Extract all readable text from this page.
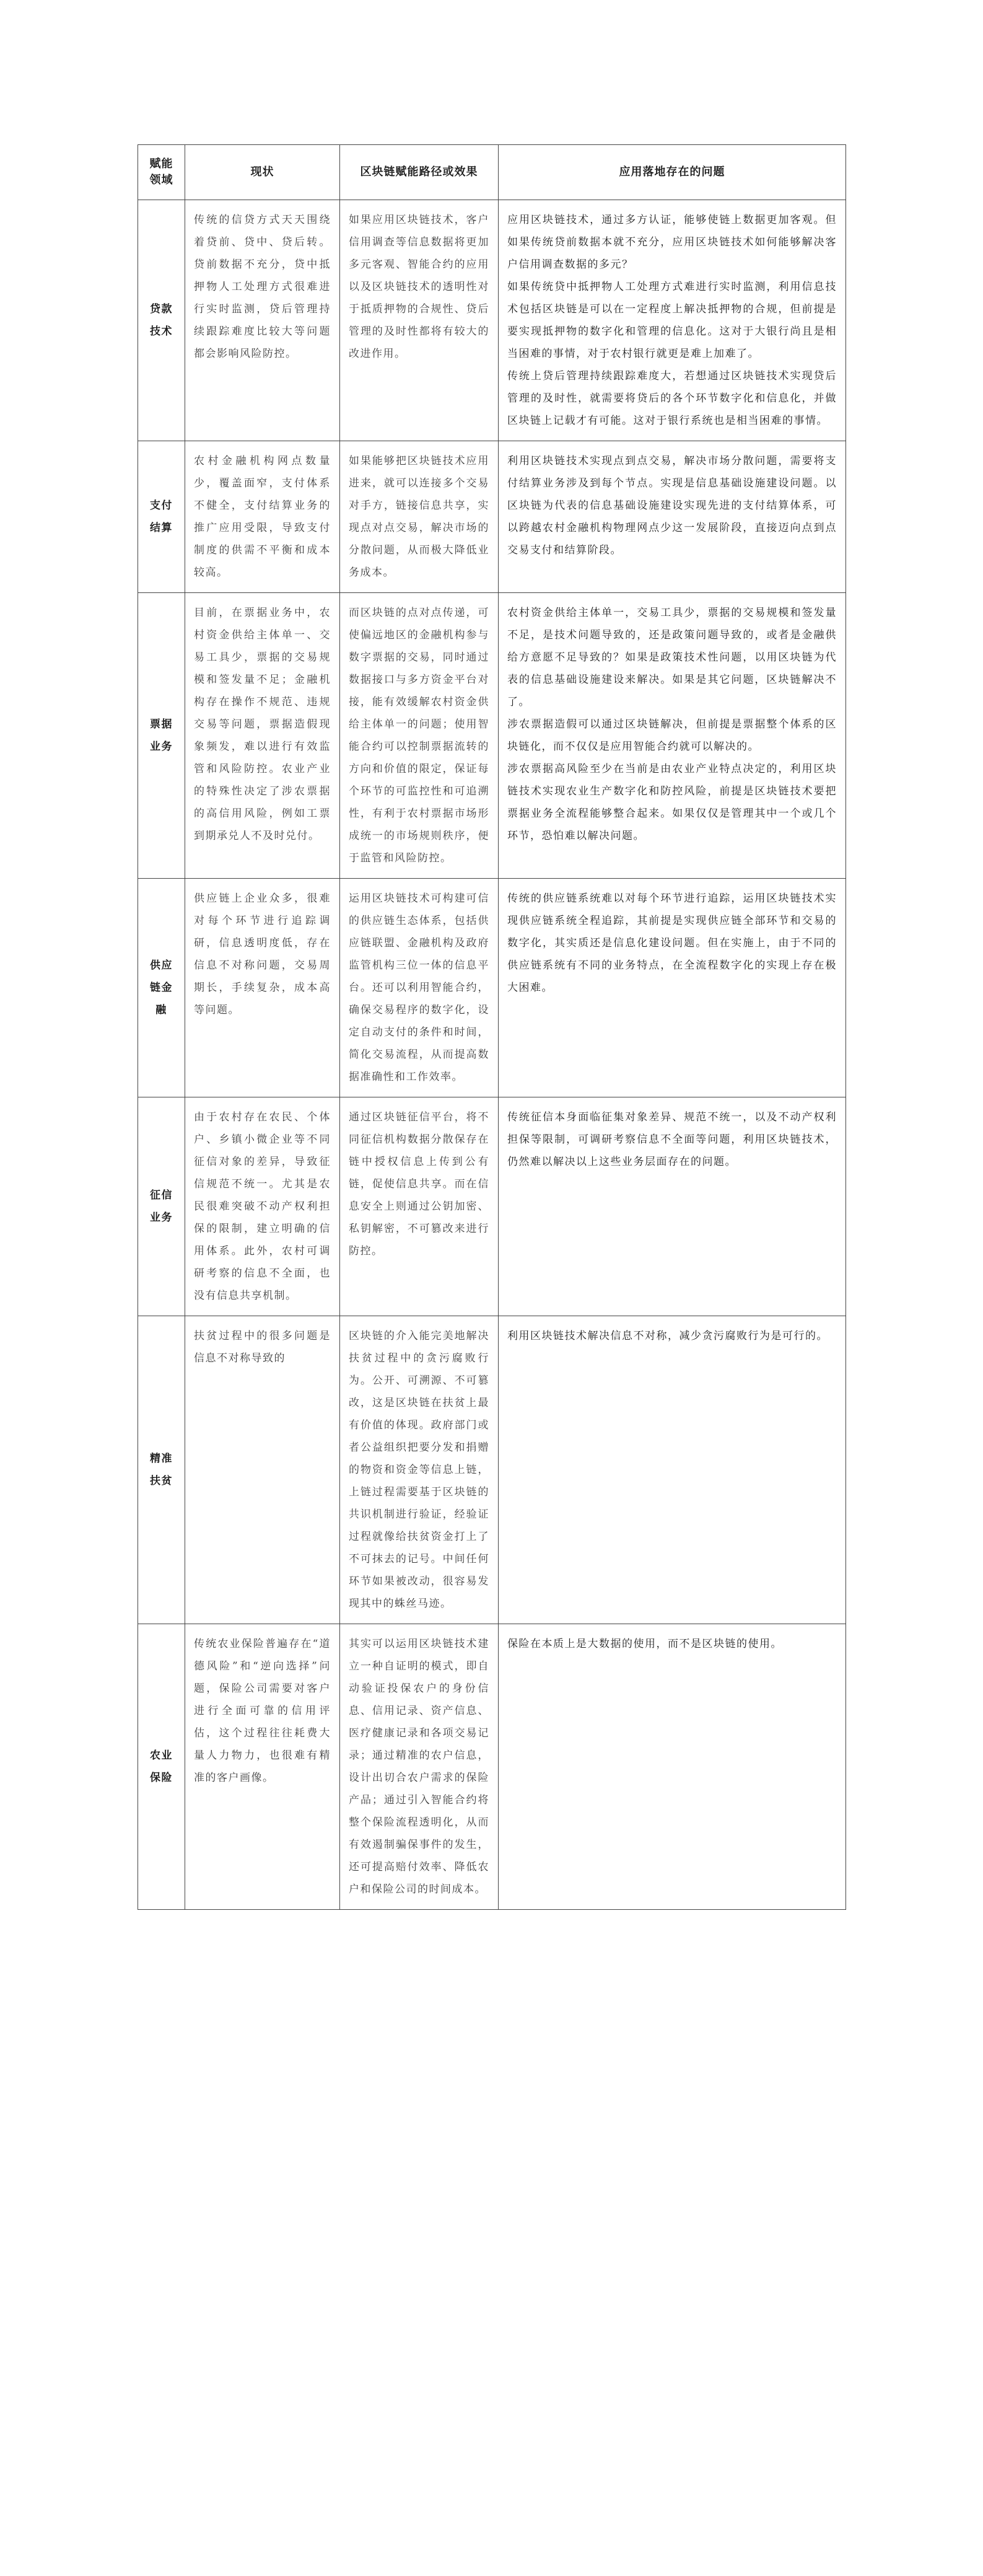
赋能领域	现状	区块链赋能路径或效果	应用落地存在的问题
贷款技术	传统的信贷方式天天围绕着贷前、贷中、贷后转。贷前数据不充分，贷中抵押物人工处理方式很难进行实时监测，贷后管理持续跟踪难度比较大等问题都会影响风险防控。	如果应用区块链技术，客户信用调查等信息数据将更加多元客观、智能合约的应用以及区块链技术的透明性对于抵质押物的合规性、贷后管理的及时性都将有较大的改进作用。	应用区块链技术，通过多方认证，能够使链上数据更加客观。但如果传统贷前数据本就不充分，应用区块链技术如何能够解决客户信用调查数据的多元？
如果传统贷中抵押物人工处理方式难进行实时监测，利用信息技术包括区块链是可以在一定程度上解决抵押物的合规，但前提是要实现抵押物的数字化和管理的信息化。这对于大银行尚且是相当困难的事情，对于农村银行就更是难上加难了。
传统上贷后管理持续跟踪难度大，若想通过区块链技术实现贷后管理的及时性，就需要将贷后的各个环节数字化和信息化，并做区块链上记载才有可能。这对于银行系统也是相当困难的事情。

支付结算	农村金融机构网点数量少，覆盖面窄，支付体系不健全，支付结算业务的推广应用受限，导致支付制度的供需不平衡和成本较高。	如果能够把区块链技术应用进来，就可以连接多个交易对手方，链接信息共享，实现点对点交易，解决市场的分散问题，从而极大降低业务成本。	利用区块链技术实现点到点交易，解决市场分散问题，需要将支付结算业务涉及到每个节点。实现是信息基础设施建设问题。以区块链为代表的信息基础设施建设实现先进的支付结算体系，可以跨越农村金融机构物理网点少这一发展阶段，直接迈向点到点交易支付和结算阶段。

票据业务	目前，在票据业务中，农村资金供给主体单一、交易工具少，票据的交易规模和签发量不足；金融机构存在操作不规范、违规交易等问题，票据造假现象频发，难以进行有效监管和风险防控。农业产业的特殊性决定了涉农票据的高信用风险，例如工票到期承兑人不及时兑付。	而区块链的点对点传递，可使偏远地区的金融机构参与数字票据的交易，同时通过数据接口与多方资金平台对接，能有效缓解农村资金供给主体单一的问题；使用智能合约可以控制票据流转的方向和价值的限定，保证每个环节的可监控性和可追溯性，有利于农村票据市场形成统一的市场规则秩序，便于监管和风险防控。	农村资金供给主体单一，交易工具少，票据的交易规模和签发量不足，是技术问题导致的，还是政策问题导致的，或者是金融供给方意愿不足导致的？如果是政策技术性问题，以用区块链为代表的信息基础设施建设来解决。如果是其它问题，区块链解决不了。
涉农票据造假可以通过区块链解决，但前提是票据整个体系的区块链化，而不仅仅是应用智能合约就可以解决的。
涉农票据高风险至少在当前是由农业产业特点决定的，利用区块链技术实现农业生产数字化和防控风险，前提是区块链技术要把票据业务全流程能够整合起来。如果仅仅是管理其中一个或几个环节，恐怕难以解决问题。

供应链金融	供应链上企业众多，很难对每个环节进行追踪调研，信息透明度低，存在信息不对称问题，交易周期长，手续复杂，成本高等问题。	运用区块链技术可构建可信的供应链生态体系，包括供应链联盟、金融机构及政府监管机构三位一体的信息平台。还可以利用智能合约，确保交易程序的数字化，设定自动支付的条件和时间，简化交易流程，从而提高数据准确性和工作效率。	传统的供应链系统难以对每个环节进行追踪，运用区块链技术实现供应链系统全程追踪，其前提是实现供应链全部环节和交易的数字化，其实质还是信息化建设问题。但在实施上，由于不同的供应链系统有不同的业务特点，在全流程数字化的实现上存在极大困难。

征信业务	由于农村存在农民、个体户、乡镇小微企业等不同征信对象的差异，导致征信规范不统一。尤其是农民很难突破不动产权利担保的限制，建立明确的信用体系。此外，农村可调研考察的信息不全面，也没有信息共享机制。	通过区块链征信平台，将不同征信机构数据分散保存在链中授权信息上传到公有链，促使信息共享。而在信息安全上则通过公钥加密、私钥解密，不可篡改来进行防控。	传统征信本身面临征集对象差异、规范不统一，以及不动产权利担保等限制，可调研考察信息不全面等问题，利用区块链技术，仍然难以解决以上这些业务层面存在的问题。

精准扶贫	扶贫过程中的很多问题是信息不对称导致的	区块链的介入能完美地解决扶贫过程中的贪污腐败行为。公开、可溯源、不可篡改，这是区块链在扶贫上最有价值的体现。政府部门或者公益组织把要分发和捐赠的物资和资金等信息上链，上链过程需要基于区块链的共识机制进行验证，经验证过程就像给扶贫资金打上了不可抹去的记号。中间任何环节如果被改动，很容易发现其中的蛛丝马迹。	利用区块链技术解决信息不对称，减少贪污腐败行为是可行的。

农业保险	传统农业保险普遍存在“道德风险”和“逆向选择”问题，保险公司需要对客户进行全面可靠的信用评估，这个过程往往耗费大量人力物力，也很难有精准的客户画像。	其实可以运用区块链技术建立一种自证明的模式，即自动验证投保农户的身份信息、信用记录、资产信息、医疗健康记录和各项交易记录；通过精准的农户信息，设计出切合农户需求的保险产品；通过引入智能合约将整个保险流程透明化，从而有效遏制骗保事件的发生，还可提高赔付效率、降低农户和保险公司的时间成本。	保险在本质上是大数据的使用，而不是区块链的使用。
